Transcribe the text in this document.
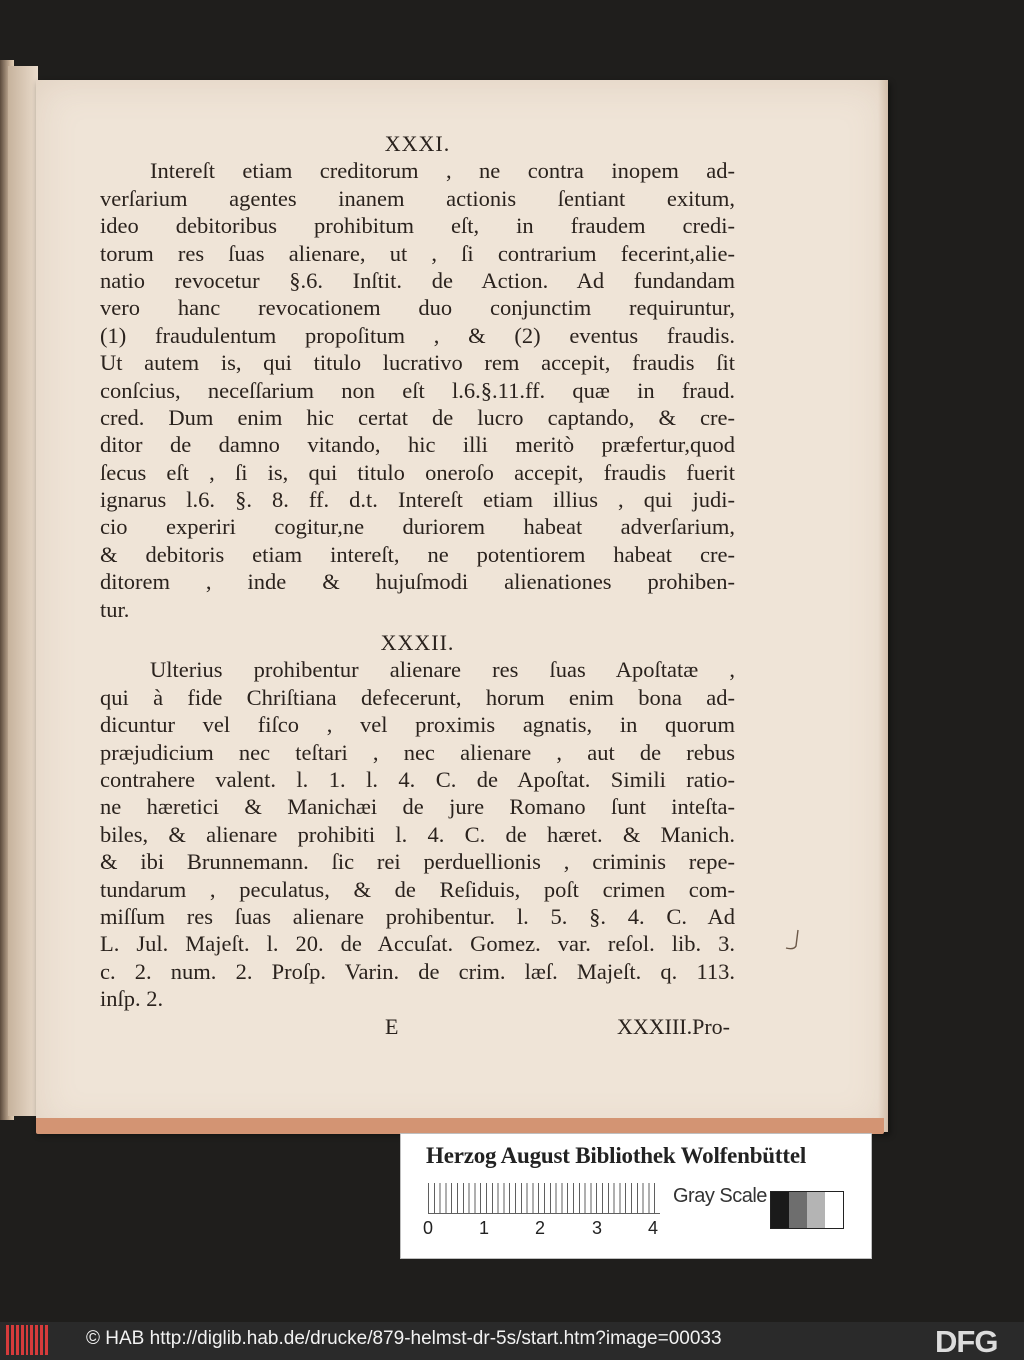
XXXI.
Intereſt etiam creditorum , ne contra inopem ad-
verſarium agentes inanem actionis ſentiant exitum,
ideo debitoribus prohibitum eſt, in fraudem credi-
torum res ſuas alienare, ut , ſi contrarium fecerint,alie-
natio revocetur §.6. Inſtit. de Action. Ad fundandam
vero hanc revocationem duo conjunctim requiruntur,
(1) fraudulentum propoſitum , & (2) eventus fraudis.
Ut autem is, qui titulo lucrativo rem accepit, fraudis ſit
conſcius, neceſſarium non eſt l.6.§.11.ff. quæ in fraud.
cred. Dum enim hic certat de lucro captando, & cre-
ditor de damno vitando, hic illi meritò præfertur,quod
ſecus eſt , ſi is, qui titulo oneroſo accepit, fraudis fuerit
ignarus l.6. §. 8. ff. d.t. Intereſt etiam illius , qui judi-
cio experiri cogitur,ne duriorem habeat adverſarium,
& debitoris etiam intereſt, ne potentiorem habeat cre-
ditorem , inde & hujuſmodi alienationes prohiben-
tur.
XXXII.
Ulterius prohibentur alienare res ſuas Apoſtatæ ,
qui à fide Chriſtiana defecerunt, horum enim bona ad-
dicuntur vel fiſco , vel proximis agnatis, in quorum
præjudicium nec teſtari , nec alienare , aut de rebus
contrahere valent. l. 1. l. 4. C. de Apoſtat. Simili ratio-
ne hæretici & Manichæi de jure Romano ſunt inteſta-
biles, & alienare prohibiti l. 4. C. de hæret. & Manich.
& ibi Brunnemann. ſic rei perduellionis , criminis repe-
tundarum , peculatus, & de Reſiduis, poſt crimen com-
miſſum res ſuas alienare prohibentur. l. 5. §. 4. C. Ad
L. Jul. Majeſt. l. 20. de Accuſat. Gomez. var. reſol. lib. 3.
c. 2. num. 2. Proſp. Varin. de crim. læſ. Majeſt. q. 113.
inſp. 2.
E	XXXIII.Pro-
Herzog August Bibliothek Wolfenbüttel
0	1	2	3	4
Gray Scale
© HAB http://diglib.hab.de/drucke/879-helmst-dr-5s/start.htm?image=00033	DFG
